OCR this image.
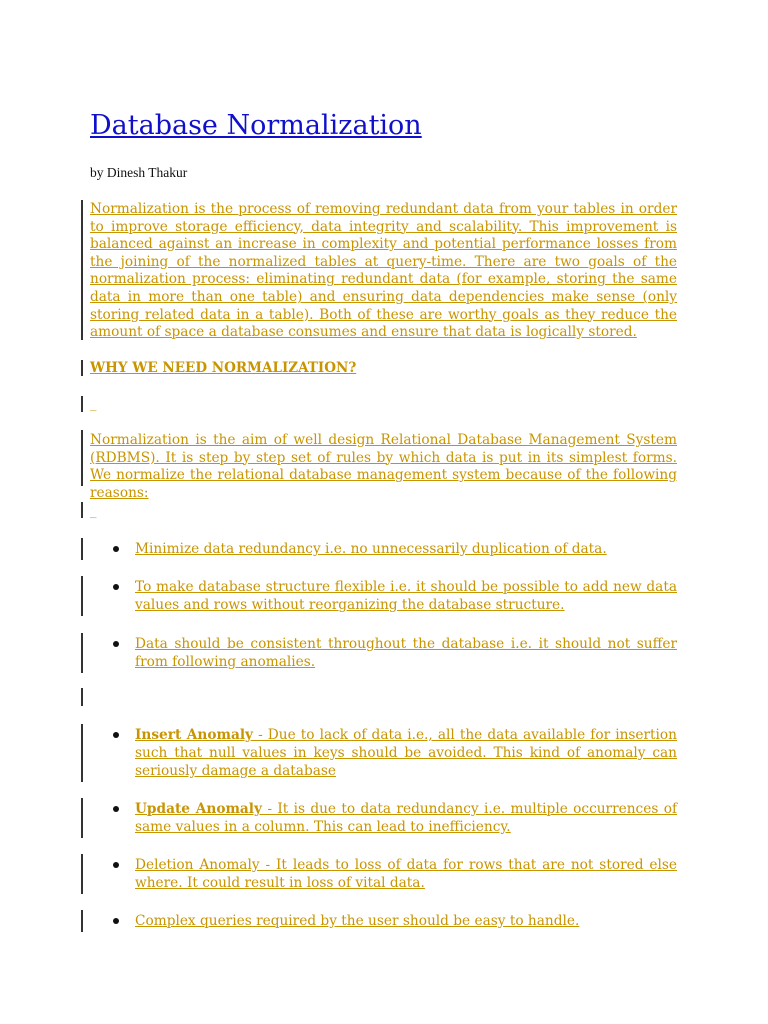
Database Normalization
by Dinesh Thakur

Normalization is the process of removing redundant data from your tables in order to improve storage efficiency, data integrity and scalability. This improvement is balanced against an increase in complexity and potential performance losses from the joining of the normalized tables at query-time. There are two goals of the normalization process: eliminating redundant data (for example, storing the same data in more than one table) and ensuring data dependencies make sense (only storing related data in a table). Both of these are worthy goals as they reduce the amount of space a database consumes and ensure that data is logically stored.

WHY WE NEED NORMALIZATION?
_

Normalization is the aim of well design Relational Database Management System (RDBMS). It is step by step set of rules by which data is put in its simplest forms. We normalize the relational database management system because of the following reasons:

_

Minimize data redundancy i.e. no unnecessarily duplication of data.

To make database structure flexible i.e. it should be possible to add new data values and rows without reorganizing the database structure.

Data should be consistent throughout the database i.e. it should not suffer from following anomalies.

Insert Anomaly - Due to lack of data i.e., all the data available for insertion such that null values in keys should be avoided. This kind of anomaly can seriously damage a database

Update Anomaly - It is due to data redundancy i.e. multiple occurrences of same values in a column. This can lead to inefficiency.

Deletion Anomaly - It leads to loss of data for rows that are not stored else where. It could result in loss of vital data.

Complex queries required by the user should be easy to handle.
